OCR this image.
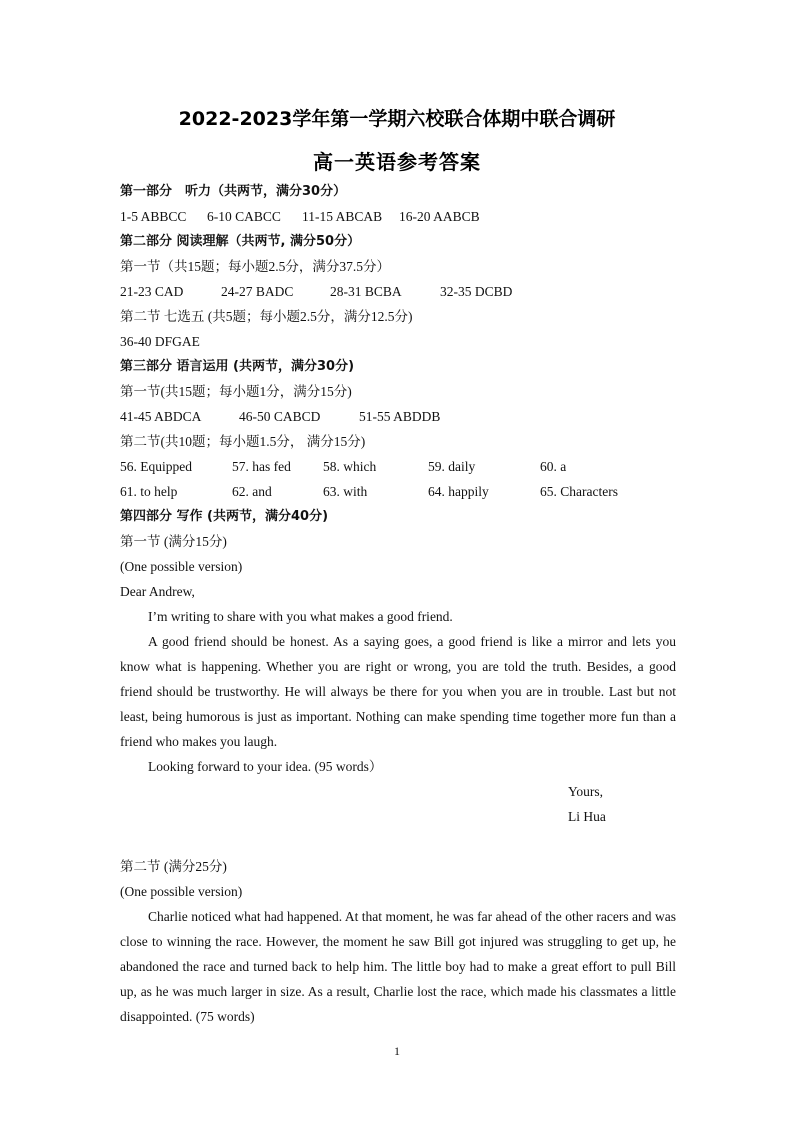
2022-2023学年第一学期六校联合体期中联合调研
高一英语参考答案
第一部分　听力（共两节，满分30分）
1-5 ABBCC 6-10 CABCC 11-15 ABCAB 16-20 AABCB
第二部分 阅读理解（共两节, 满分50分）
第一节（共15题；每小题2.5分，满分37.5分）
21-23 CAD	24-27 BADC	28-31 BCBA	32-35 DCBD
第二节 七选五 (共5题；每小题2.5分，满分12.5分)
36-40 DFGAE
第三部分 语言运用 (共两节，满分30分)
第一节(共15题；每小题1分，满分15分)
41-45 ABDCA	46-50 CABCD	51-55 ABDDB
第二节(共10题；每小题1.5分， 满分15分)
56. Equipped	57. has fed 58. which	59. daily	60. a
61. to help	62. and	63. with	64. happily	65. Characters
第四部分 写作 (共两节，满分40分)
第一节 (满分15分)
(One possible version)
Dear Andrew,
I’m writing to share with you what makes a good friend.
A good friend should be honest. As a saying goes, a good friend is like a mirror and lets you know what is happening. Whether you are right or wrong, you are told the truth. Besides, a good friend should be trustworthy. He will always be there for you when you are in trouble. Last but not least, being humorous is just as important. Nothing can make spending time together more fun than a friend who makes you laugh.
Looking forward to your idea. (95 words）
Yours,
Li Hua
第二节 (满分25分)
(One possible version)
Charlie noticed what had happened. At that moment, he was far ahead of the other racers and was close to winning the race. However, the moment he saw Bill got injured was struggling to get up, he abandoned the race and turned back to help him. The little boy had to make a great effort to pull Bill up, as he was much larger in size. As a result, Charlie lost the race, which made his classmates a little disappointed. (75 words)
1
